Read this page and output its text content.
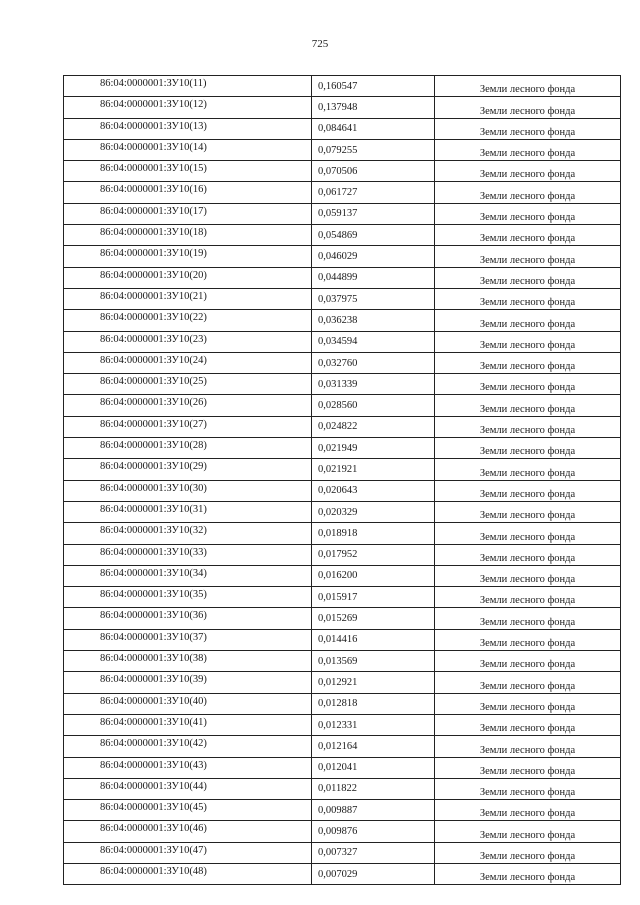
725
86:04:0000001:ЗУ10(11)	0,160547	Земли лесного фонда
86:04:0000001:ЗУ10(12)	0,137948	Земли лесного фонда
86:04:0000001:ЗУ10(13)	0,084641	Земли лесного фонда
86:04:0000001:ЗУ10(14)	0,079255	Земли лесного фонда
86:04:0000001:ЗУ10(15)	0,070506	Земли лесного фонда
86:04:0000001:ЗУ10(16)	0,061727	Земли лесного фонда
86:04:0000001:ЗУ10(17)	0,059137	Земли лесного фонда
86:04:0000001:ЗУ10(18)	0,054869	Земли лесного фонда
86:04:0000001:ЗУ10(19)	0,046029	Земли лесного фонда
86:04:0000001:ЗУ10(20)	0,044899	Земли лесного фонда
86:04:0000001:ЗУ10(21)	0,037975	Земли лесного фонда
86:04:0000001:ЗУ10(22)	0,036238	Земли лесного фонда
86:04:0000001:ЗУ10(23)	0,034594	Земли лесного фонда
86:04:0000001:ЗУ10(24)	0,032760	Земли лесного фонда
86:04:0000001:ЗУ10(25)	0,031339	Земли лесного фонда
86:04:0000001:ЗУ10(26)	0,028560	Земли лесного фонда
86:04:0000001:ЗУ10(27)	0,024822	Земли лесного фонда
86:04:0000001:ЗУ10(28)	0,021949	Земли лесного фонда
86:04:0000001:ЗУ10(29)	0,021921	Земли лесного фонда
86:04:0000001:ЗУ10(30)	0,020643	Земли лесного фонда
86:04:0000001:ЗУ10(31)	0,020329	Земли лесного фонда
86:04:0000001:ЗУ10(32)	0,018918	Земли лесного фонда
86:04:0000001:ЗУ10(33)	0,017952	Земли лесного фонда
86:04:0000001:ЗУ10(34)	0,016200	Земли лесного фонда
86:04:0000001:ЗУ10(35)	0,015917	Земли лесного фонда
86:04:0000001:ЗУ10(36)	0,015269	Земли лесного фонда
86:04:0000001:ЗУ10(37)	0,014416	Земли лесного фонда
86:04:0000001:ЗУ10(38)	0,013569	Земли лесного фонда
86:04:0000001:ЗУ10(39)	0,012921	Земли лесного фонда
86:04:0000001:ЗУ10(40)	0,012818	Земли лесного фонда
86:04:0000001:ЗУ10(41)	0,012331	Земли лесного фонда
86:04:0000001:ЗУ10(42)	0,012164	Земли лесного фонда
86:04:0000001:ЗУ10(43)	0,012041	Земли лесного фонда
86:04:0000001:ЗУ10(44)	0,011822	Земли лесного фонда
86:04:0000001:ЗУ10(45)	0,009887	Земли лесного фонда
86:04:0000001:ЗУ10(46)	0,009876	Земли лесного фонда
86:04:0000001:ЗУ10(47)	0,007327	Земли лесного фонда
86:04:0000001:ЗУ10(48)	0,007029	Земли лесного фонда
